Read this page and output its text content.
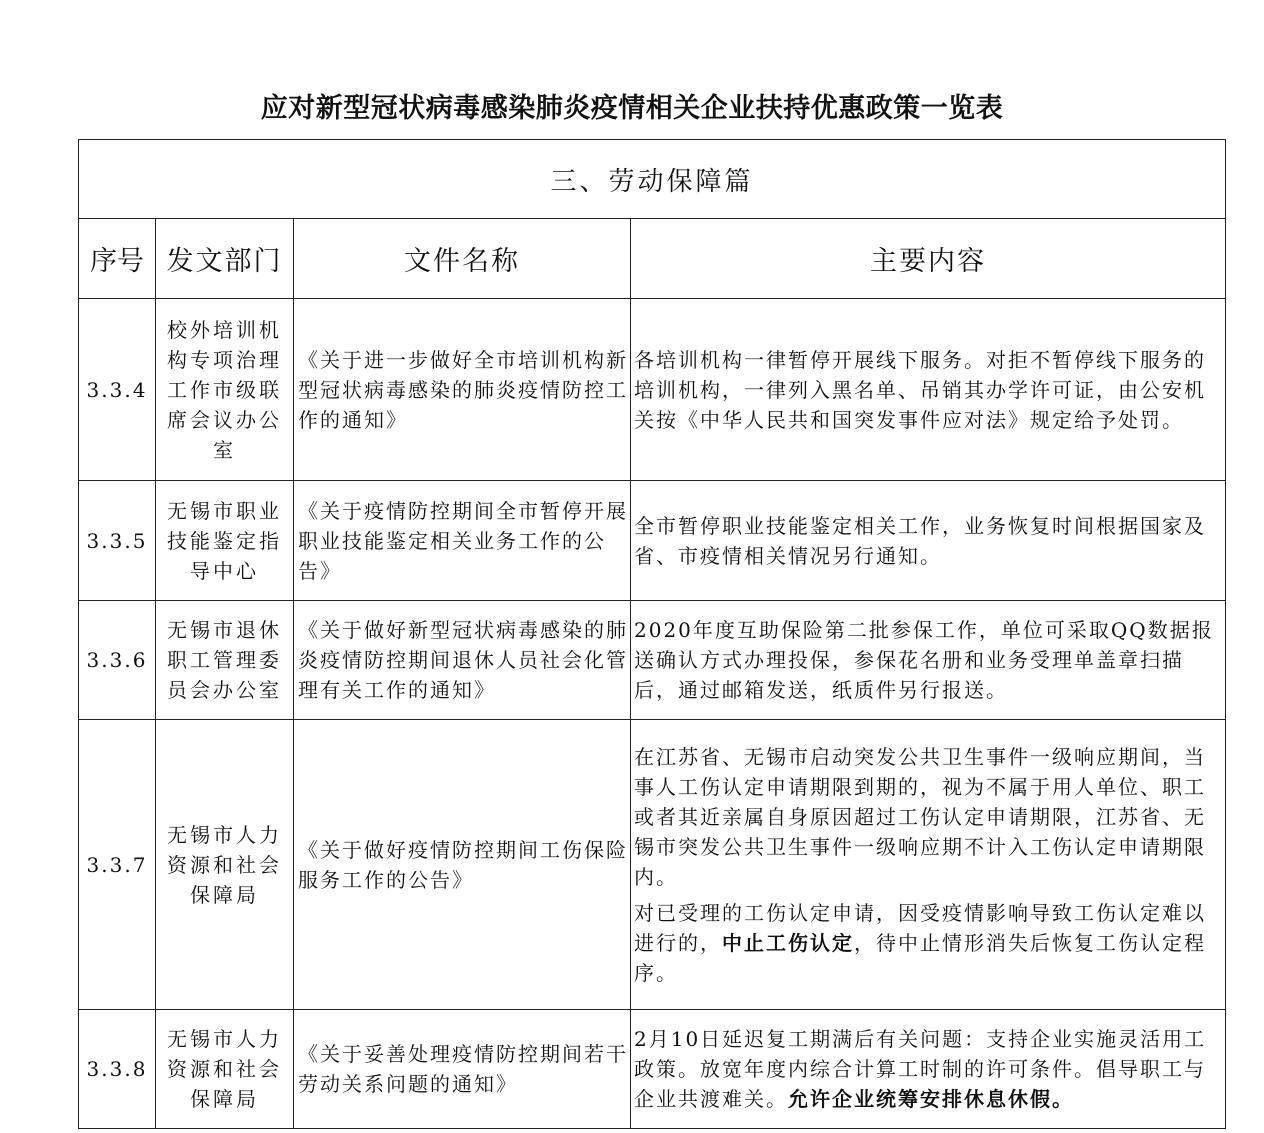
应对新型冠状病毒感染肺炎疫情相关企业扶持优惠政策一览表
三、劳动保障篇			
序号	发文部门	文件名称	主要内容
3.3.4	校外培训机构专项治理工作市级联席会议办公室	《关于进一步做好全市培训机构新型冠状病毒感染的肺炎疫情防控工作的通知》	各培训机构一律暂停开展线下服务。对拒不暂停线下服务的培训机构，一律列入黑名单、吊销其办学许可证，由公安机关按《中华人民共和国突发事件应对法》规定给予处罚。

3.3.5	无锡市职业技能鉴定指导中心	《关于疫情防控期间全市暂停开展职业技能鉴定相关业务工作的公告》	全市暂停职业技能鉴定相关工作，业务恢复时间根据国家及省、市疫情相关情况另行通知。

3.3.6	无锡市退休职工管理委员会办公室	《关于做好新型冠状病毒感染的肺炎疫情防控期间退休人员社会化管理有关工作的通知》	2020年度互助保险第二批参保工作，单位可采取QQ数据报送确认方式办理投保，参保花名册和业务受理单盖章扫描后，通过邮箱发送，纸质件另行报送。

3.3.7	无锡市人力资源和社会保障局	《关于做好疫情防控期间工伤保险服务工作的公告》	在江苏省、无锡市启动突发公共卫生事件一级响应期间，当事人工伤认定申请期限到期的，视为不属于用人单位、职工或者其近亲属自身原因超过工伤认定申请期限，江苏省、无锡市突发公共卫生事件一级响应期不计入工伤认定申请期限内。

对已受理的工伤认定申请，因受疫情影响导致工伤认定难以进行的，中止工伤认定，待中止情形消失后恢复工伤认定程序。

3.3.8	无锡市人力资源和社会保障局	《关于妥善处理疫情防控期间若干劳动关系问题的通知》	2月10日延迟复工期满后有关问题：支持企业实施灵活用工政策。放宽年度内综合计算工时制的许可条件。倡导职工与企业共渡难关。允许企业统筹安排休息休假。
